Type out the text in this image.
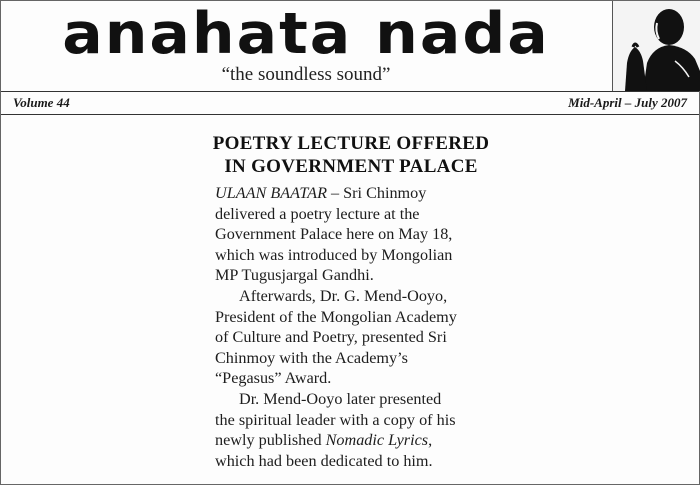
anahata nada
“the soundless sound”
Volume 44	Mid-April – July 2007
POETRY LECTURE OFFERED
IN GOVERNMENT PALACE

ULAAN BAATAR – Sri Chinmoy
delivered a poetry lecture at the
Government Palace here on May 18,
which was introduced by Mongolian
MP Tugusjargal Gandhi.

Afterwards, Dr. G. Mend-Ooyo,
President of the Mongolian Academy
of Culture and Poetry, presented Sri
Chinmoy with the Academy’s
“Pegasus” Award.

Dr. Mend-Ooyo later presented
the spiritual leader with a copy of his
newly published Nomadic Lyrics,
which had been dedicated to him.
